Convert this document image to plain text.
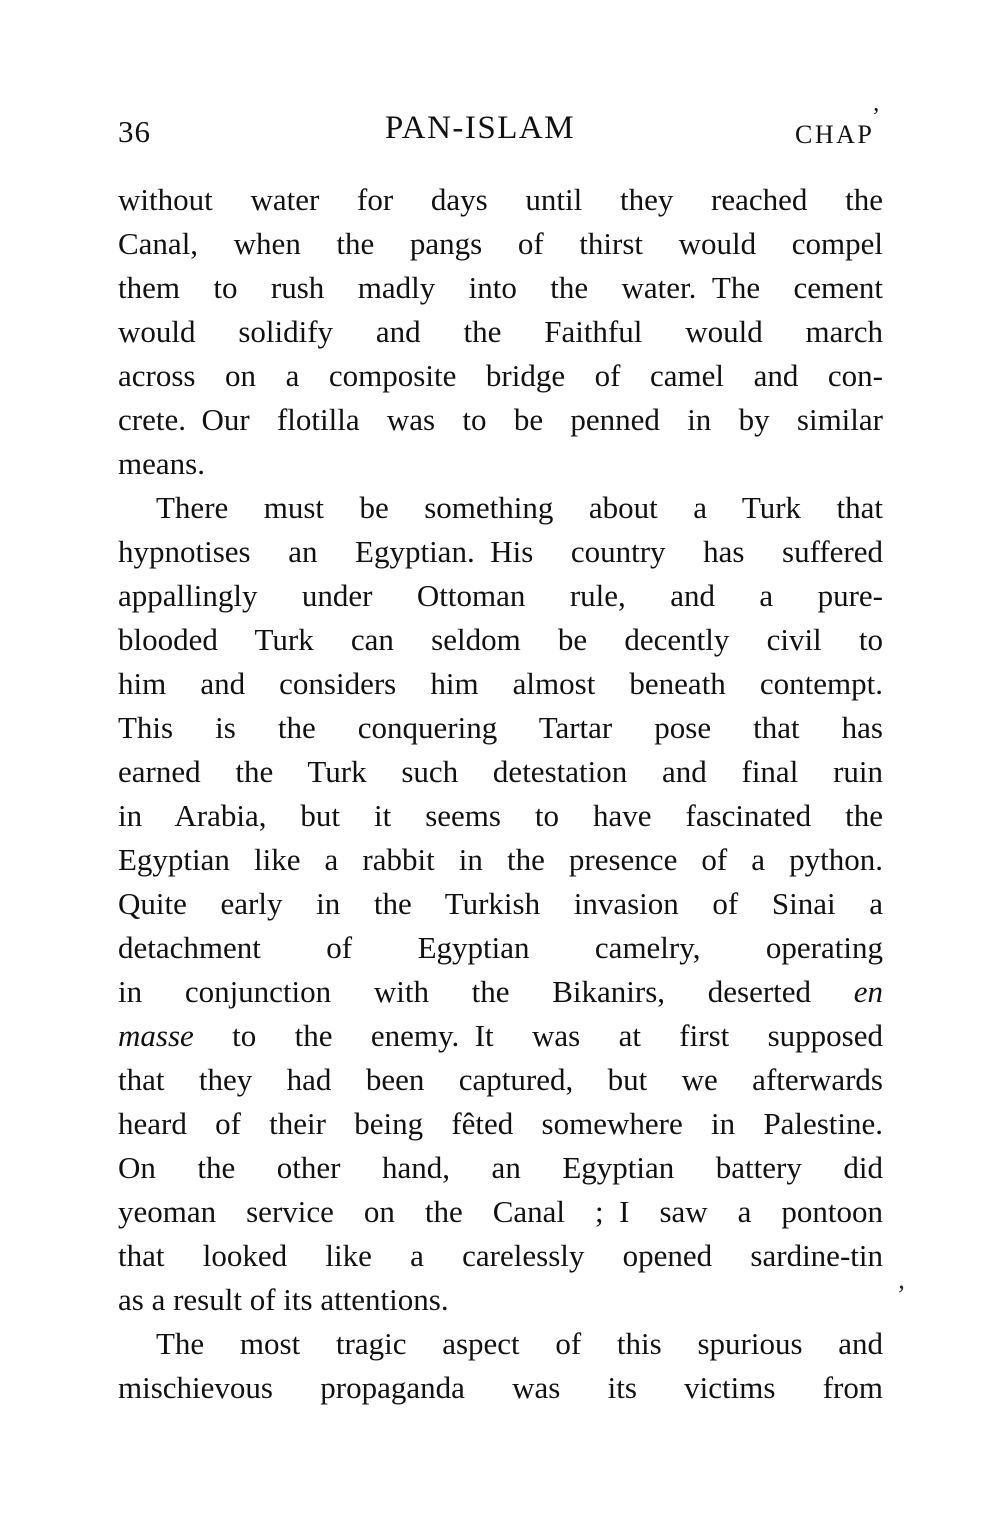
36	PAN-ISLAM	CHAP
’
without water for days until they reached the
Canal, when the pangs of thirst would compel
them to rush madly into the water. The cement
would solidify and the Faithful would march
across on a composite bridge of camel and con-
crete. Our flotilla was to be penned in by similar
means.
There must be something about a Turk that
hypnotises an Egyptian. His country has suffered
appallingly under Ottoman rule, and a pure-
blooded Turk can seldom be decently civil to
him and considers him almost beneath contempt.
This is the conquering Tartar pose that has
earned the Turk such detestation and final ruin
in Arabia, but it seems to have fascinated the
Egyptian like a rabbit in the presence of a python.
Quite early in the Turkish invasion of Sinai a
detachment of Egyptian camelry, operating
in conjunction with the Bikanirs, deserted en
masse to the enemy. It was at first supposed
that they had been captured, but we afterwards
heard of their being fêted somewhere in Palestine.
On the other hand, an Egyptian battery did
yeoman service on the Canal ; I saw a pontoon
that looked like a carelessly opened sardine-tin
as a result of its attentions.
The most tragic aspect of this spurious and
mischievous propaganda was its victims from
’
